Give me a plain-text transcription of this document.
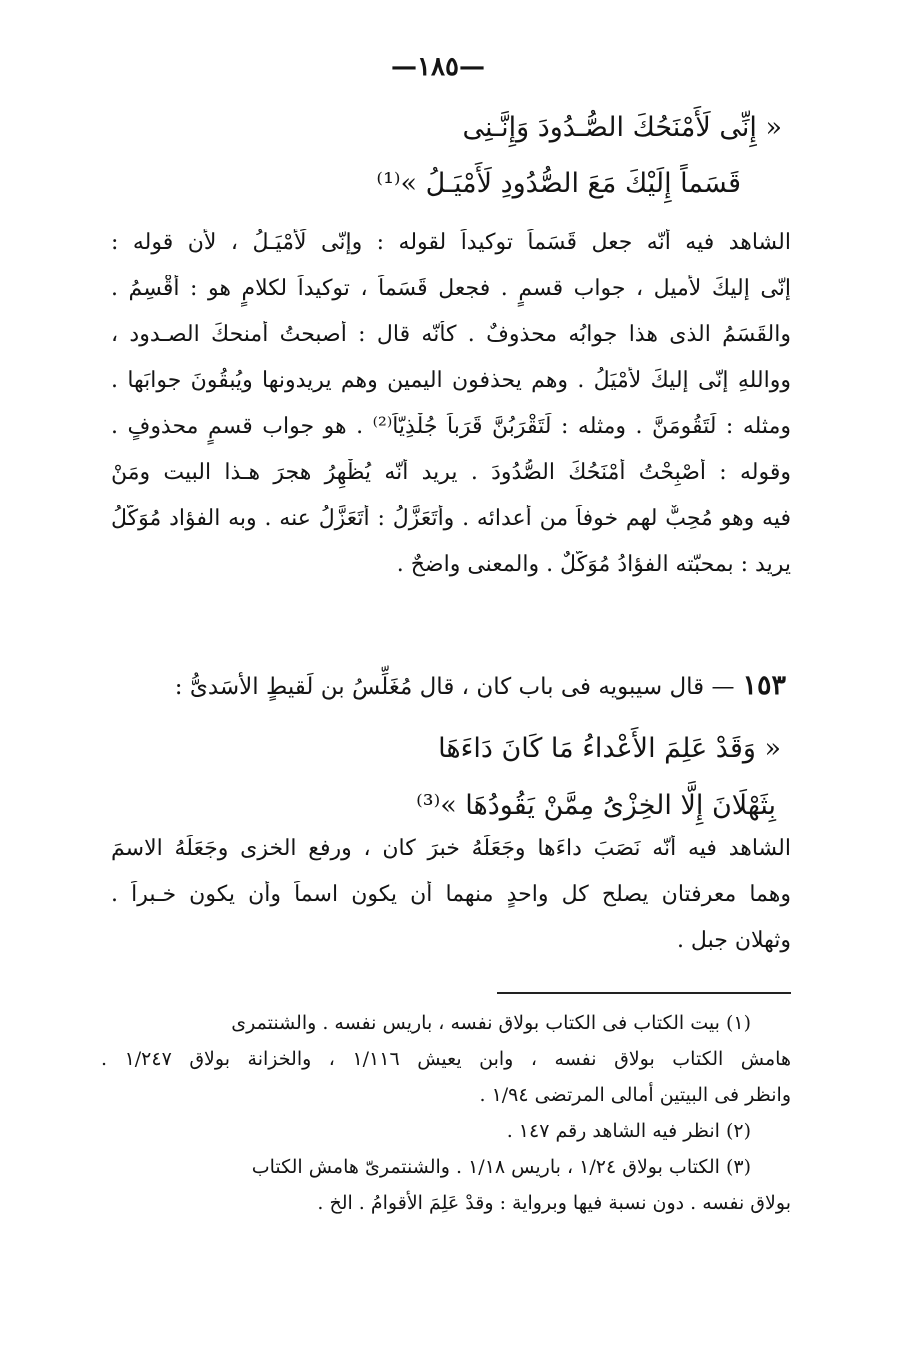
—١٨٥—
« إِنِّى لَأَمْنَحُكَ الصُّـدُودَ وَإِنَّـنِى
قَسَماً إِلَيْكَ مَعَ الصُّدُودِ لَأَمْيَـلُ »⁽¹⁾
الشاهد فيه أنّه جعل قَسَماً توكيداً لقوله : وإنّى لَأَمْيَـلُ ، لأن قوله :
إنّى إليكَ لأميل ، جواب قسمٍ . فجعل قَسَماً ، توكيداً لكلامٍ هو : أُقْسِمُ .
والقَسَمُ الذى هذا جوابُه محذوفٌ . كأنّه قال : أصبحتُ أمنحكَ الصـدود ،
وواللهِ إنّى إليكَ لأمْيَلُ . وهم يحذفون اليمين وهم يريدونها ويُبقُونَ جوابَها .
ومثله : لَتَقُومَنَّ . ومثله : لَتَقْرَبُنَّ قَرَباً جُلْذِيّاً⁽²⁾ . هو جواب قسمٍ محذوفٍ .
وقوله : أُصْبِحْتُ أَمْنَحُكَ الصُّدُودَ . يريد أنّه يُظْهِرُ هجرَ هـذا البيت ومَنْ
فيه وهو مُحِبٌّ لهم خوفاً من أعدائه . وأَتَعَزَّلُ : أَتَعَزَّلُ عنه . وبه الفؤاد مُوَكَّلُ
يريد : بمحبّته الفؤادُ مُوَكَّلٌ . والمعنى واضحٌ .
١٥٣— قال سيبويه فى باب كان ، قال مُغَلِّسُ بن لَقيطٍ الأسَدىُّ :
« وَقَدْ عَلِمَ الأَعْداءُ مَا كَانَ دَاءَهَا
بِثَهْلَانَ إِلَّا الخِزْىُ مِمَّنْ يَقُودُهَا »⁽³⁾
الشاهد فيه أنّه نَصَبَ داءَها وجَعَلَهُ خبرَ كان ، ورفع الخزى وجَعَلَهُ الاسمَ
وهما معرفتان يصلح كل واحدٍ منهما أن يكون اسماً وأن يكون خـبراً .
وثهلان جبل .
(١) بيت الكتاب فى الكتاب بولاق نفسه ، باريس نفسه . والشنتمرى
هامش الكتاب بولاق نفسه ، وابن يعيش ١/١١٦ ، والخزانة بولاق ١/٢٤٧ .
وانظر فى البيتين أمالى المرتضى ١/٩٤ .
(٢) انظر فيه الشاهد رقم ١٤٧ .
(٣) الكتاب بولاق ١/٢٤ ، باريس ١/١٨ . والشنتمرىّ هامش الكتاب
بولاق نفسه . دون نسبة فيها وبرواية : وقدْ عَلِمَ الأقوامُ . الخ .
